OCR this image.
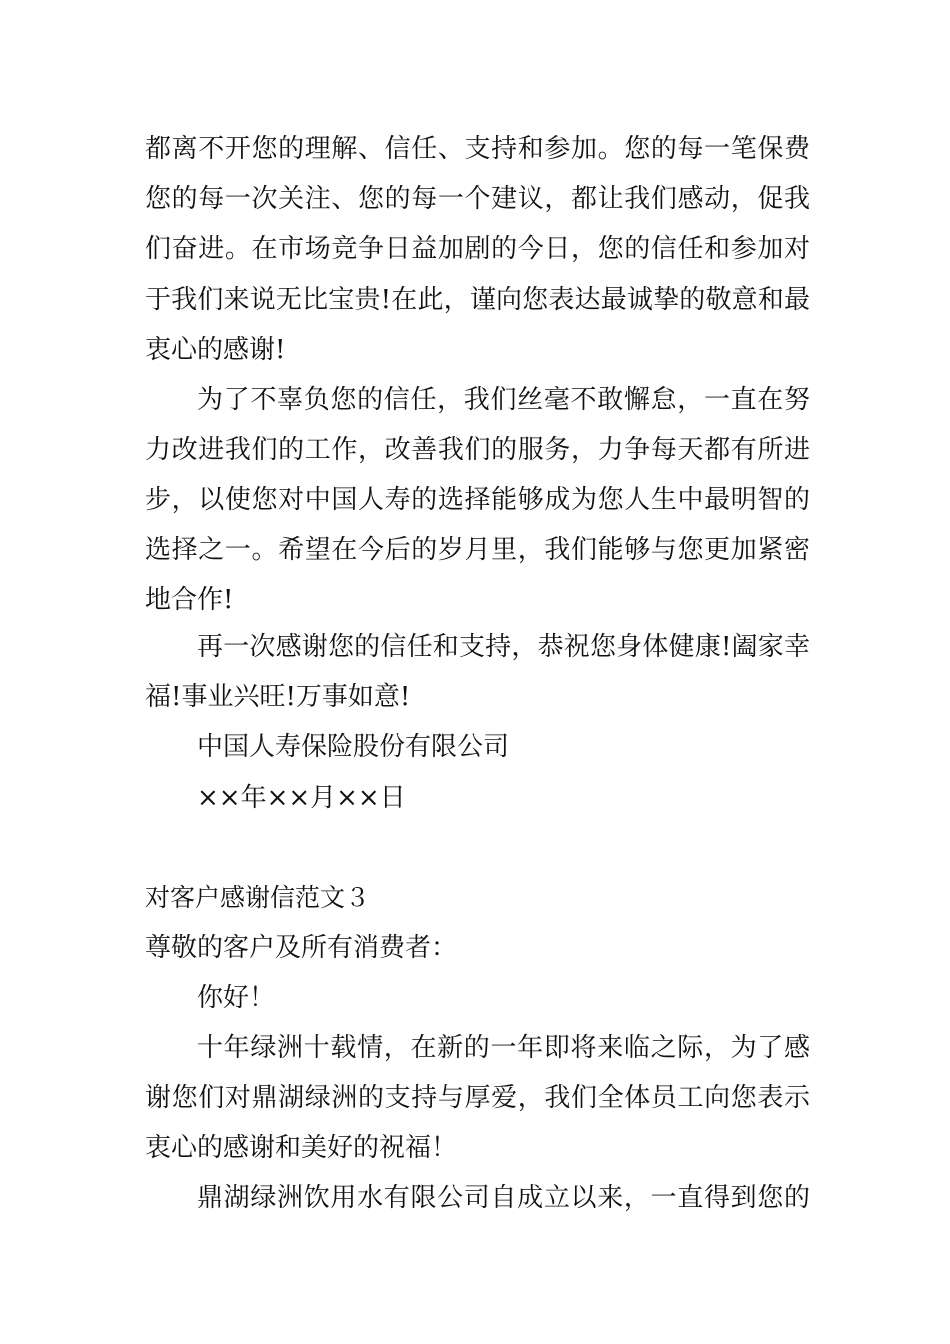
都离不开您的理解、信任、支持和参加。您的每一笔保费
您的每一次关注、您的每一个建议，都让我们感动，促我
们奋进。在市场竞争日益加剧的今日，您的信任和参加对
于我们来说无比宝贵!在此，谨向您表达最诚挚的敬意和最
衷心的感谢!
为了不辜负您的信任，我们丝毫不敢懈怠，一直在努
力改进我们的工作，改善我们的服务，力争每天都有所进
步，以使您对中国人寿的选择能够成为您人生中最明智的
选择之一。希望在今后的岁月里，我们能够与您更加紧密
地合作!
再一次感谢您的信任和支持，恭祝您身体健康!阖家幸
福!事业兴旺!万事如意!
中国人寿保险股份有限公司
××年××月××日
对客户感谢信范文３
尊敬的客户及所有消费者：
你好！
十年绿洲十载情，在新的一年即将来临之际，为了感
谢您们对鼎湖绿洲的支持与厚爱，我们全体员工向您表示
衷心的感谢和美好的祝福！
鼎湖绿洲饮用水有限公司自成立以来，一直得到您的
